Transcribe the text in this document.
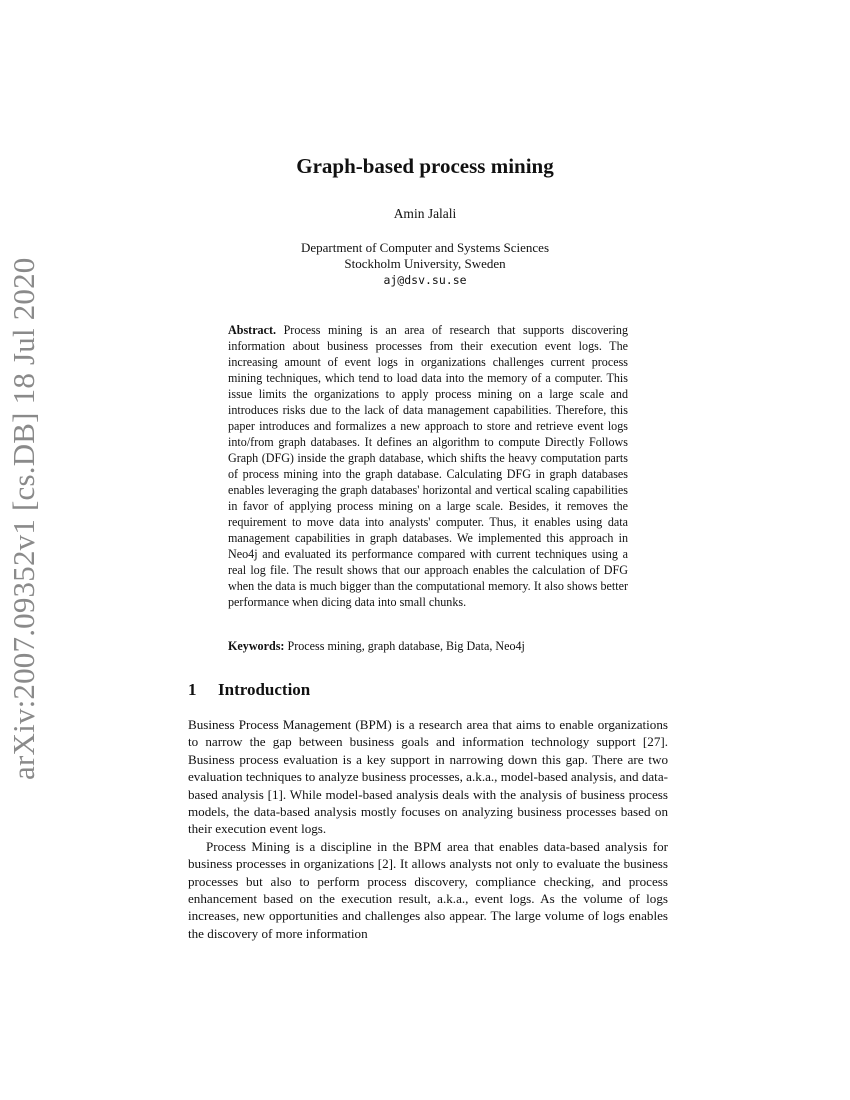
arXiv:2007.09352v1 [cs.DB] 18 Jul 2020
Graph-based process mining
Amin Jalali
Department of Computer and Systems Sciences
Stockholm University, Sweden
aj@dsv.su.se
Abstract. Process mining is an area of research that supports discovering information about business processes from their execution event logs. The increasing amount of event logs in organizations challenges current process mining techniques, which tend to load data into the memory of a computer. This issue limits the organizations to apply process mining on a large scale and introduces risks due to the lack of data management capabilities. Therefore, this paper introduces and formalizes a new approach to store and retrieve event logs into/from graph databases. It defines an algorithm to compute Directly Follows Graph (DFG) inside the graph database, which shifts the heavy computation parts of process mining into the graph database. Calculating DFG in graph databases enables leveraging the graph databases' horizontal and vertical scaling capabilities in favor of applying process mining on a large scale. Besides, it removes the requirement to move data into analysts' computer. Thus, it enables using data management capabilities in graph databases. We implemented this approach in Neo4j and evaluated its performance compared with current techniques using a real log file. The result shows that our approach enables the calculation of DFG when the data is much bigger than the computational memory. It also shows better performance when dicing data into small chunks.
Keywords: Process mining, graph database, Big Data, Neo4j
1 Introduction

Business Process Management (BPM) is a research area that aims to enable organizations to narrow the gap between business goals and information technology support [27]. Business process evaluation is a key support in narrowing down this gap. There are two evaluation techniques to analyze business processes, a.k.a., model-based analysis, and data-based analysis [1]. While model-based analysis deals with the analysis of business process models, the data-based analysis mostly focuses on analyzing business processes based on their execution event logs.

Process Mining is a discipline in the BPM area that enables data-based analysis for business processes in organizations [2]. It allows analysts not only to evaluate the business processes but also to perform process discovery, compliance checking, and process enhancement based on the execution result, a.k.a., event logs. As the volume of logs increases, new opportunities and challenges also appear. The large volume of logs enables the discovery of more information
